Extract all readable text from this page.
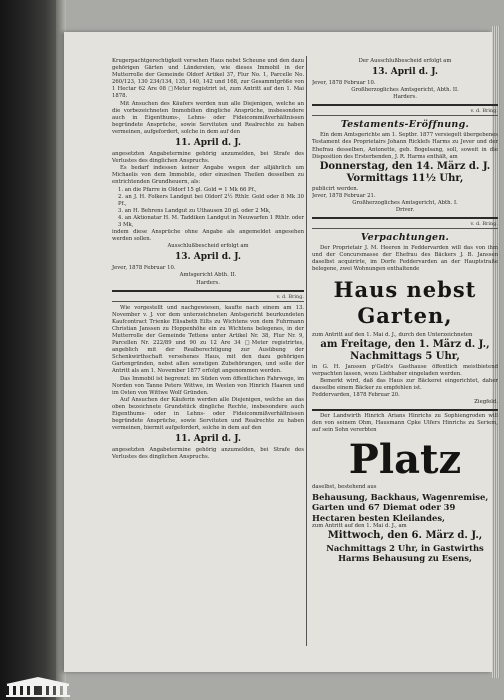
Krugerpachtgerechtigkeit versehen Haus nebst Scheune und den dazu gehörigen Gärten und Ländereien, wie dieses Immobil in der Mutterrolle der Gemeinde Oldorf Artikel 37, Flur No. 1, Parcelle No. 260/123, 130 234/134, 135, 140, 142 und 168, zur Gesammtgröße von 1 Hectar 62 Are 08 □Meter registrirt ist, zum Antritt auf den 1. Mai 1878.

Mit Ansuchen des Käufers werden nun alle Diejenigen, welche an die vorbezeichneten Immobilien dingliche Ansprüche, insbesondere auch in Eigenthums-, Lehns- oder Fideicommißverhältnissen begründete Ansprüche, sowie Servituten und Realrechte zu haben vermeinen, aufgefordert, solche in dem auf den

11. April d. J.

angesetzten Angabetermine gehörig anzumelden, bei Strafe des Verlustes des dinglichen Anspruchs.

Es bedarf indessen keiner Angabe wegen der alljährlich um Michaelis von dem Immobile, oder einzelnen Theilen desselben zu entrichtenden Grundheuern, als:

1. an die Pfarre in Oldorf 15 gl. Gold = 1 Mk 66 Pf.,

2. an J. H. Folkers Landgut bei Oldorf 2½ Rthlr. Gold oder 8 Mk 30 Pf.,

3. an H. Behrens Landgut zu Uthausen 20 gl. oder 2 Mk,

4. an Aktionatar H. M. Taddiken Landgut in Neuwarfen 1 Rthlr. oder 3 Mk,

indem diese Ansprüche ohne Angabe als angemeldet angesehen werden sollen.

Ausschlußbescheid erfolgt am

13. April d. J.
Jever, 1878 Februar 10.
Amtsgericht Abth. II.
Harders.
v. d. Bring.

Wie vorgestellt und nachgewiesen, kaufte nach einem am 13. November v. J. vor dem unterzeichneten Amtsgericht beurkundeten Kaufcontract Trienke Elisabeth Eilts zu Wichtens von dem Fuhrmann Christian Janssen zu Hoppenhöhe ein zu Wichtens belegenes, in der Mutterrolle der Gemeinde Tettens unter Artikel Nr. 38, Flur Nr. 9, Parcellen Nr. 222/89 und 90 zu 12 Are 34 □Meter registrirtes, angeblich mit der Realberechtigung zur Ausübung der Schenkwirthschaft versehenes Haus, mit den dazu gehörigen Gartengründen, nebst allen sonstigen Zubehörungen, und solle der Antritt als am 1. November 1877 erfolgt angenommen werden.

Das Immobil ist begrenzt: im Süden vom öffentlichen Fahrwege, im Norden von Tanne Peters Wittwe, im Westen von Hinrich Haaren und im Osten von Wittwe Wolf Gründen.

Auf Ansuchen der Käuferin werden alle Diejenigen, welche an das oben bezeichnete Grundstück dingliche Rechte, insbesondere auch Eigenthums- oder in Lehns- oder Fideicommißverhältnissen begründete Ansprüche, sowie Servituten und Realrechte zu haben vermeinen, hiermit aufgefordert, solche in dem auf den

11. April d. J.

angesetzten Angabetermine gehörig anzumelden, bei Strafe des Verlustes des dinglichen Anspruchs.

Der Ausschlußbescheid erfolgt am

13. April d. J.
Jever, 1878 Februar 10.
Großherzogliches Amtsgericht, Abth. II.
Harders.
v. d. Bring.
Testaments-Eröffnung.

Ein dem Amtsgerichte am 1. Septbr. 1877 versiegelt übergebenes Testament des Proprietairs Johann Ricklefs Harms zu Jever und der Ehefrau desselben, Antonette, geb. Bogelsang, soll, soweit in die Disposition des Ersterbenden, J. R. Harms enthält, am

Donnerstag, den 14. März d. J.
Vormittags 11½ Uhr,

publicirt werden.

Jever, 1878 Februar 21.
Großherzogliches Amtsgericht, Abth. I.
Driver.
v. d. Bring.
Verpachtungen.

Der Proprietair J. M. Heeren in Feddervarden will das von ihm und der Concursmasse der Ehefrau des Bäckers J. B. Janssen daselbst acquirirte, im Dorfe Feddervarden an der Hauptstraße belegene, zwei Wohnungen enthaltende

Haus nebst Garten,

zum Antritt auf den 1. Mai d. J., durch den Unterzeichneten

am Freitage, den 1. März d. J.,
Nachmittags 5 Uhr,

in G. H. Janssen p'Gelb's Gasthause öffentlich meistbietend verpachten lassen, wozu Liebhaber eingeladen werden.

Bemerkt wird, daß das Haus zur Bäckerei eingerichtet, daher dasselbe einem Bäcker zu empfehlen ist.

Feddervarden, 1878 Februar 20.
Ziegfeld.

Der Landwirth Hinrich Arians Hinrichs zu Sophiengroden will den von seinem Ohm, Hausmann Cpke Ulfers Hinrichs zu Seriem, auf sein Sohn vererbten

Platz

daselbst, bestehend aus

Behausung, Backhaus, Wagenremise, Garten und 67 Diemat oder 39 Hectaren besten Kleilandes,

zum Antritt auf den 1. Mai d. J., am

Mittwoch, den 6. März d. J.,
Nachmittags 2 Uhr, in Gastwirths Harms Behausung zu Esens,
